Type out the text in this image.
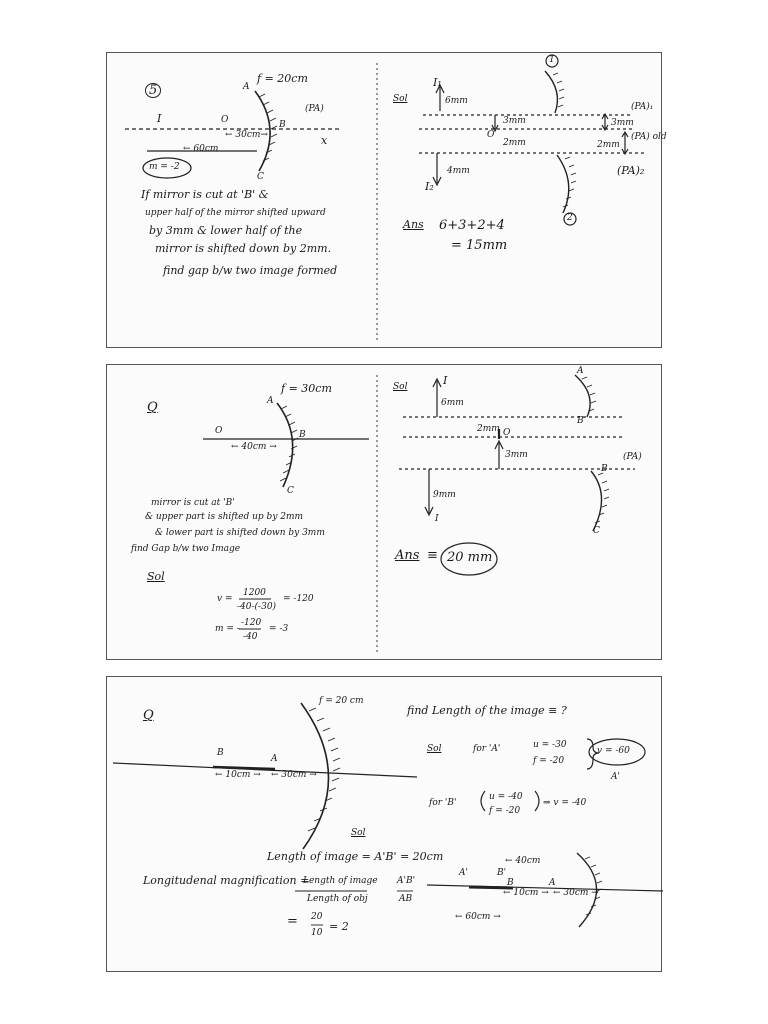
5
f = 20cm
A
B
C
O
I
x
(PA)
← 30cm→
← 60cm
m = -2
If mirror is cut at 'B' &
upper half of the mirror shifted upward
by 3mm & lower half of the
mirror is shifted down by 2mm.
find gap b/w two image formed
Sol
I₁
6mm
3mm
2mm
O
4mm
I₂
3mm
2mm
(PA)₁
(PA) old
(PA)₂
1
2
Ans 6+3+2+4
= 15mm
Q
f = 30cm
A
B
C
O
← 40cm →
mirror is cut at 'B'
& upper part is shifted up by 2mm
& lower part is shifted down by 3mm
find Gap b/w two Image
Sol
v =
1200
-40-(-30)
= -120
m = -
-120
-40
= -3
Sol	I
6mm
2mm O
3mm
9mm
I
A
B
B
C
(PA)
Ans ≡ 20 mm
Q
f = 20 cm
B
A
← 10cm → ← 30cm →
find Length of the image ≡ ?
Sol	for 'A'	u = -30
f = -20
v = -60
A'
for 'B'
u = -40
f = -20
⇒ v = -40
Sol
Length of image = A'B' = 20cm
Longitudenal magnification =
Length of image
Length of obj
A'B'
AB
= 20
10 = 2
← 40cm
← 60cm →
← 10cm → ← 30cm →
A'	B'
B	A
